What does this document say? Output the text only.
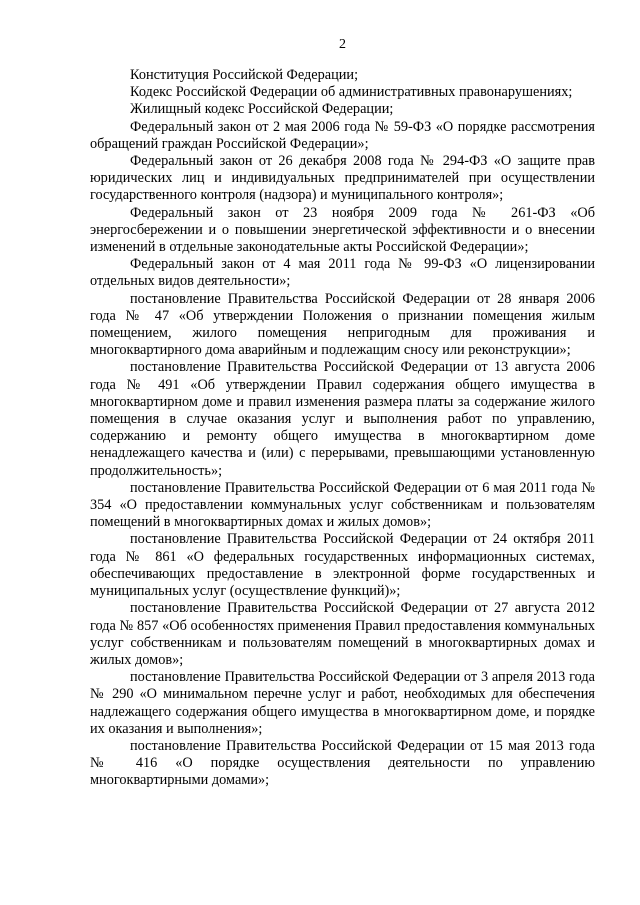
2

Конституция Российской Федерации;

Кодекс Российской Федерации об административных правонарушениях;

Жилищный кодекс Российской Федерации;

Федеральный закон от 2 мая 2006 года № 59-ФЗ «О порядке рассмотрения обращений граждан Российской Федерации»;

Федеральный закон от 26 декабря 2008 года № 294-ФЗ «О защите прав юридических лиц и индивидуальных предпринимателей при осуществлении государственного контроля (надзора) и муниципального контроля»;

Федеральный закон от 23 ноября 2009 года № 261-ФЗ «Об энергосбережении и о повышении энергетической эффективности и о внесении изменений в отдельные законодательные акты Российской Федерации»;

Федеральный закон от 4 мая 2011 года № 99-ФЗ «О лицензировании отдельных видов деятельности»;

постановление Правительства Российской Федерации от 28 января 2006 года № 47 «Об утверждении Положения о признании помещения жилым помещением, жилого помещения непригодным для проживания и многоквартирного дома аварийным и подлежащим сносу или реконструкции»;

постановление Правительства Российской Федерации от 13 августа 2006 года № 491 «Об утверждении Правил содержания общего имущества в многоквартирном доме и правил изменения размера платы за содержание жилого помещения в случае оказания услуг и выполнения работ по управлению, содержанию и ремонту общего имущества в многоквартирном доме ненадлежащего качества и (или) с перерывами, превышающими установленную продолжительность»;

постановление Правительства Российской Федерации от 6 мая 2011 года № 354 «О предоставлении коммунальных услуг собственникам и пользователям помещений в многоквартирных домах и жилых домов»;

постановление Правительства Российской Федерации от 24 октября 2011 года № 861 «О федеральных государственных информационных системах, обеспечивающих предоставление в электронной форме государственных и муниципальных услуг (осуществление функций)»;

постановление Правительства Российской Федерации от 27 августа 2012 года № 857 «Об особенностях применения Правил предоставления коммунальных услуг собственникам и пользователям помещений в многоквартирных домах и жилых домов»;

постановление Правительства Российской Федерации от 3 апреля 2013 года № 290 «О минимальном перечне услуг и работ, необходимых для обеспечения надлежащего содержания общего имущества в многоквартирном доме, и порядке их оказания и выполнения»;

постановление Правительства Российской Федерации от 15 мая 2013 года № 416 «О порядке осуществления деятельности по управлению многоквартирными домами»;
